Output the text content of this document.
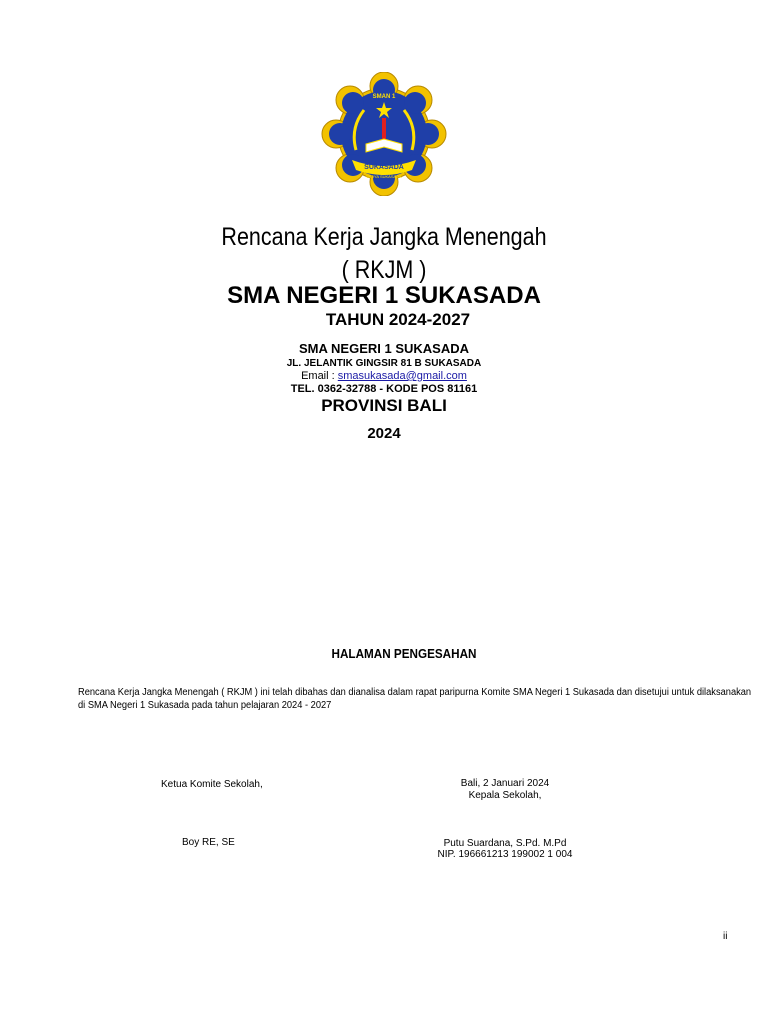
SUKASADA
SMAN 1
WIDYA SUKASADA
Rencana Kerja Jangka Menengah
( RKJM )
SMA NEGERI 1 SUKASADA
TAHUN 2024-2027
SMA NEGERI 1 SUKASADA
JL. JELANTIK GINGSIR 81 B SUKASADA
Email : smasukasada@gmail.com
TEL. 0362-32788 - KODE POS 81161
PROVINSI BALI
2024
HALAMAN PENGESAHAN
Rencana Kerja Jangka Menengah ( RKJM ) ini telah dibahas dan dianalisa dalam rapat paripurna Komite SMA Negeri 1 Sukasada dan disetujui untuk dilaksanakan
di SMA Negeri 1 Sukasada pada tahun pelajaran 2024 - 2027
Ketua Komite Sekolah,
Boy RE, SE
Bali, 2 Januari 2024
Kepala Sekolah,
Putu Suardana, S.Pd. M.Pd
NIP. 196661213 199002 1 004
ii
